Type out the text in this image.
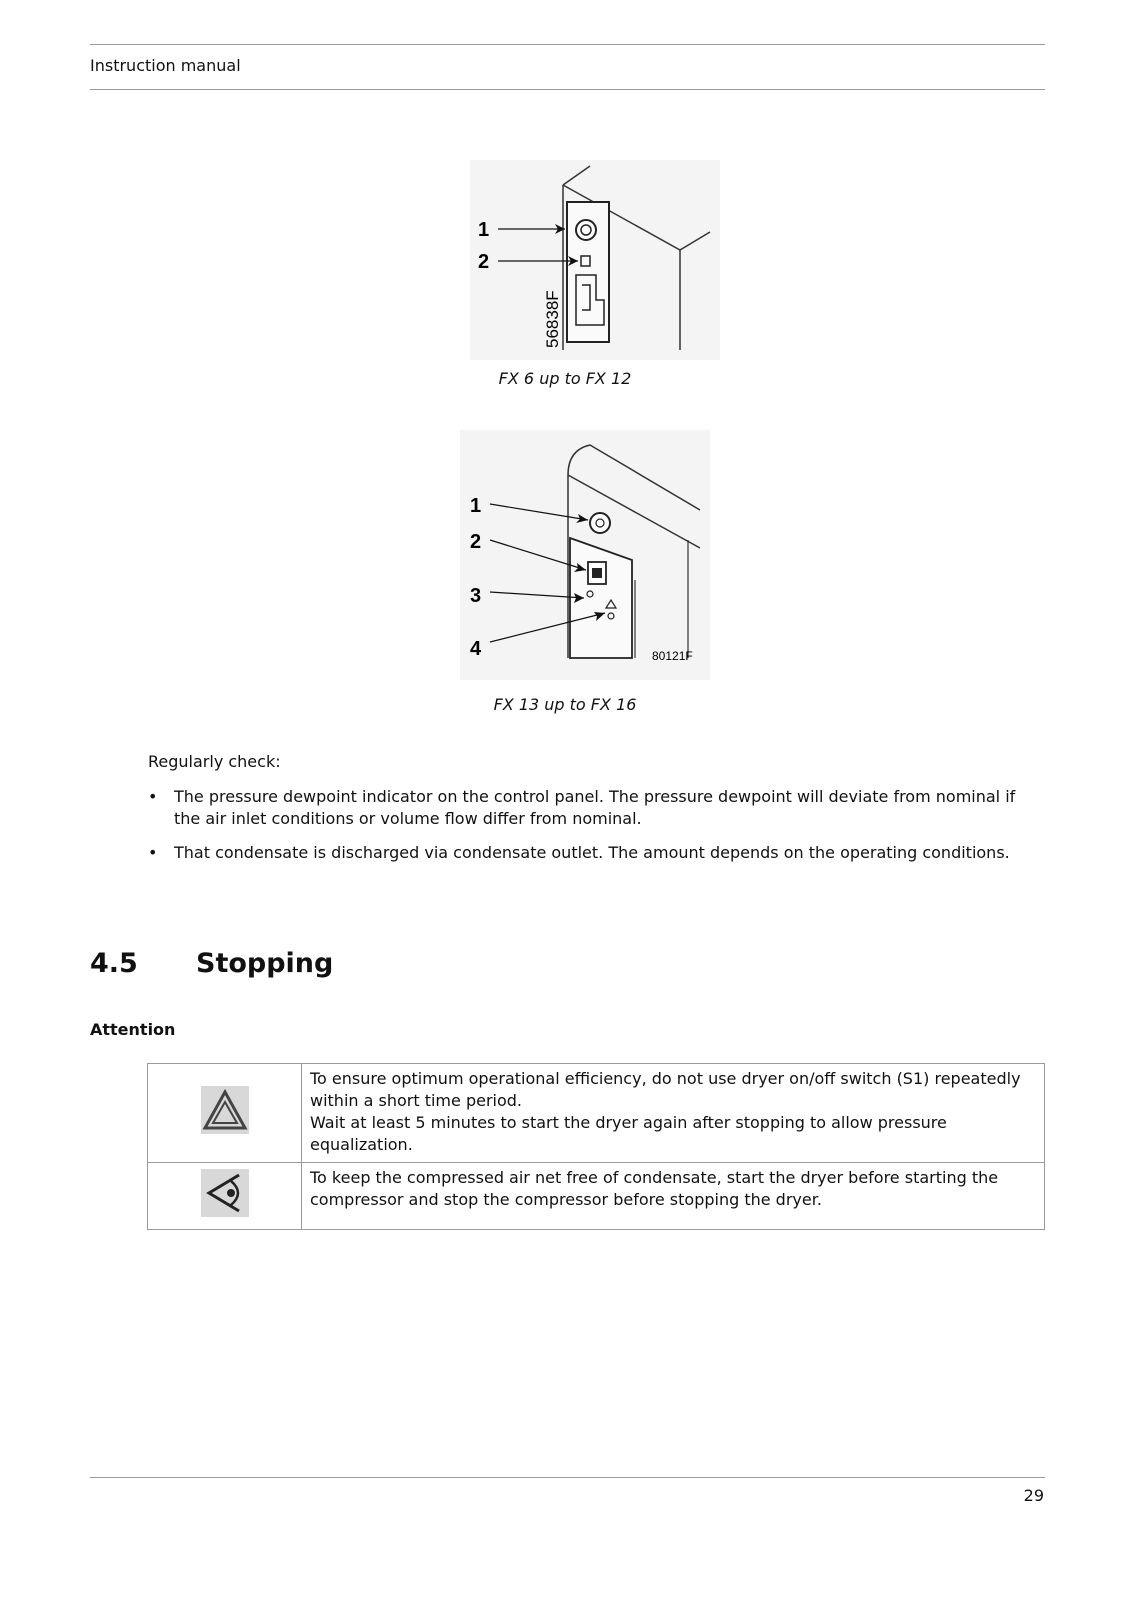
Instruction manual
1
2
56838F
FX 6 up to FX 12
1
2
3
4	80121F
FX 13 up to FX 16
Regularly check:
• The pressure dewpoint indicator on the control panel. The pressure dewpoint will deviate from nominal if the air inlet conditions or volume flow differ from nominal.
• That condensate is discharged via condensate outlet. The amount depends on the operating conditions.
4.5 Stopping
Attention
	To ensure optimum operational efficiency, do not use dryer on/off switch (S1) repeatedly within a short time period.
Wait at least 5 minutes to start the dryer again after stopping to allow pressure equalization.
	To keep the compressed air net free of condensate, start the dryer before starting the compressor and stop the compressor before stopping the dryer.
29
